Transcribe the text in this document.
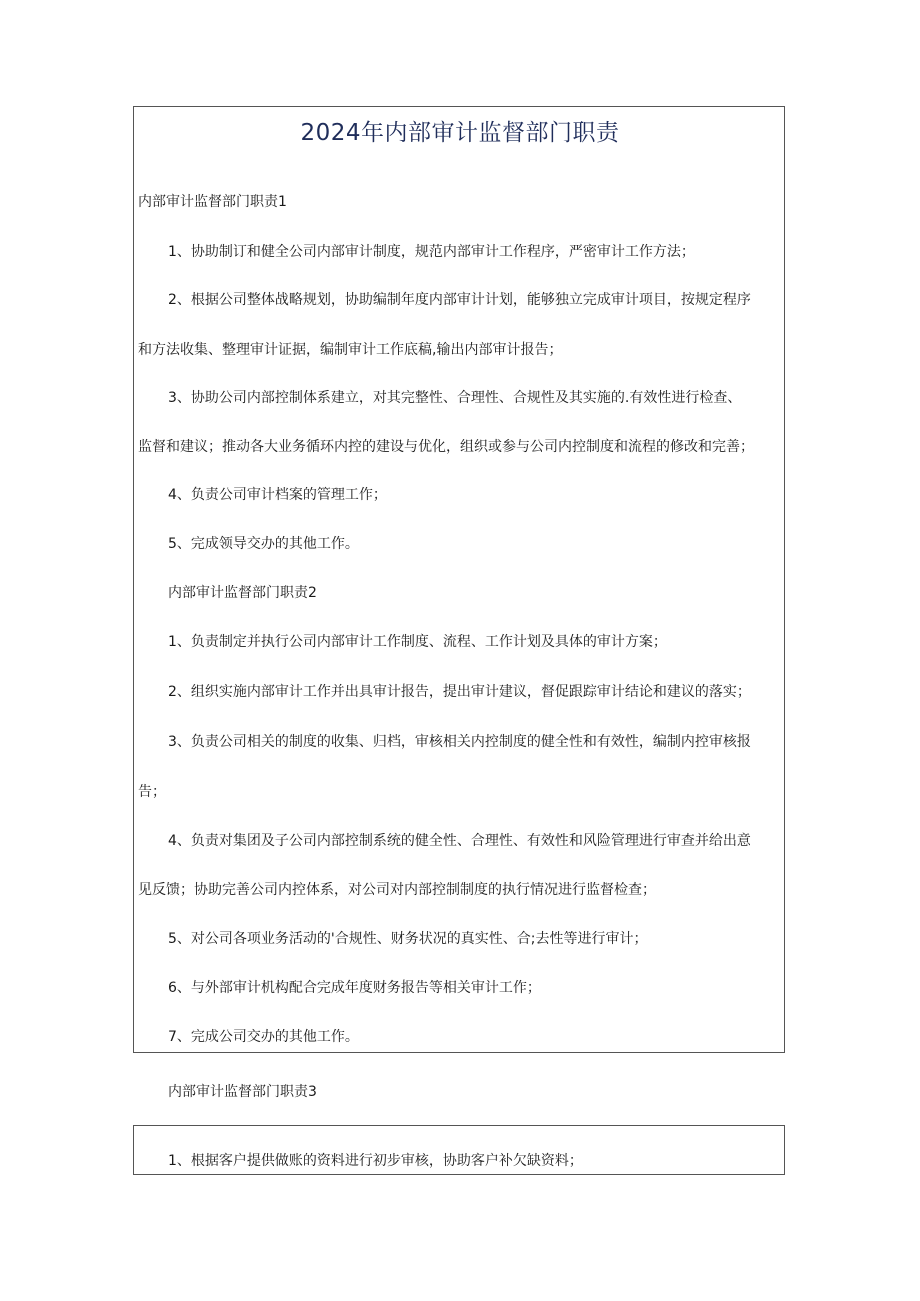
2024年内部审计监督部门职责
内部审计监督部门职责1
1、协助制订和健全公司内部审计制度，规范内部审计工作程序，严密审计工作方法；
2、根据公司整体战略规划，协助编制年度内部审计计划，能够独立完成审计项目，按规定程序
和方法收集、整理审计证据，编制审计工作底稿,输出内部审计报告；
3、协助公司内部控制体系建立，对其完整性、合理性、合规性及其实施的.有效性进行检查、
监督和建议；推动各大业务循环内控的建设与优化，组织或参与公司内控制度和流程的修改和完善；
4、负责公司审计档案的管理工作；
5、完成领导交办的其他工作。
内部审计监督部门职责2
1、负责制定并执行公司内部审计工作制度、流程、工作计划及具体的审计方案；
2、组织实施内部审计工作并出具审计报告，提出审计建议，督促跟踪审计结论和建议的落实；
3、负责公司相关的制度的收集、归档，审核相关内控制度的健全性和有效性，编制内控审核报
告；
4、负责对集团及子公司内部控制系统的健全性、合理性、有效性和风险管理进行审查并给出意
见反馈；协助完善公司内控体系，对公司对内部控制制度的执行情况进行监督检查；
5、对公司各项业务活动的'合规性、财务状况的真实性、合;去性等进行审计；
6、与外部审计机构配合完成年度财务报告等相关审计工作；
7、完成公司交办的其他工作。
内部审计监督部门职责3
1、根据客户提供做账的资料进行初步审核，协助客户补欠缺资料；
